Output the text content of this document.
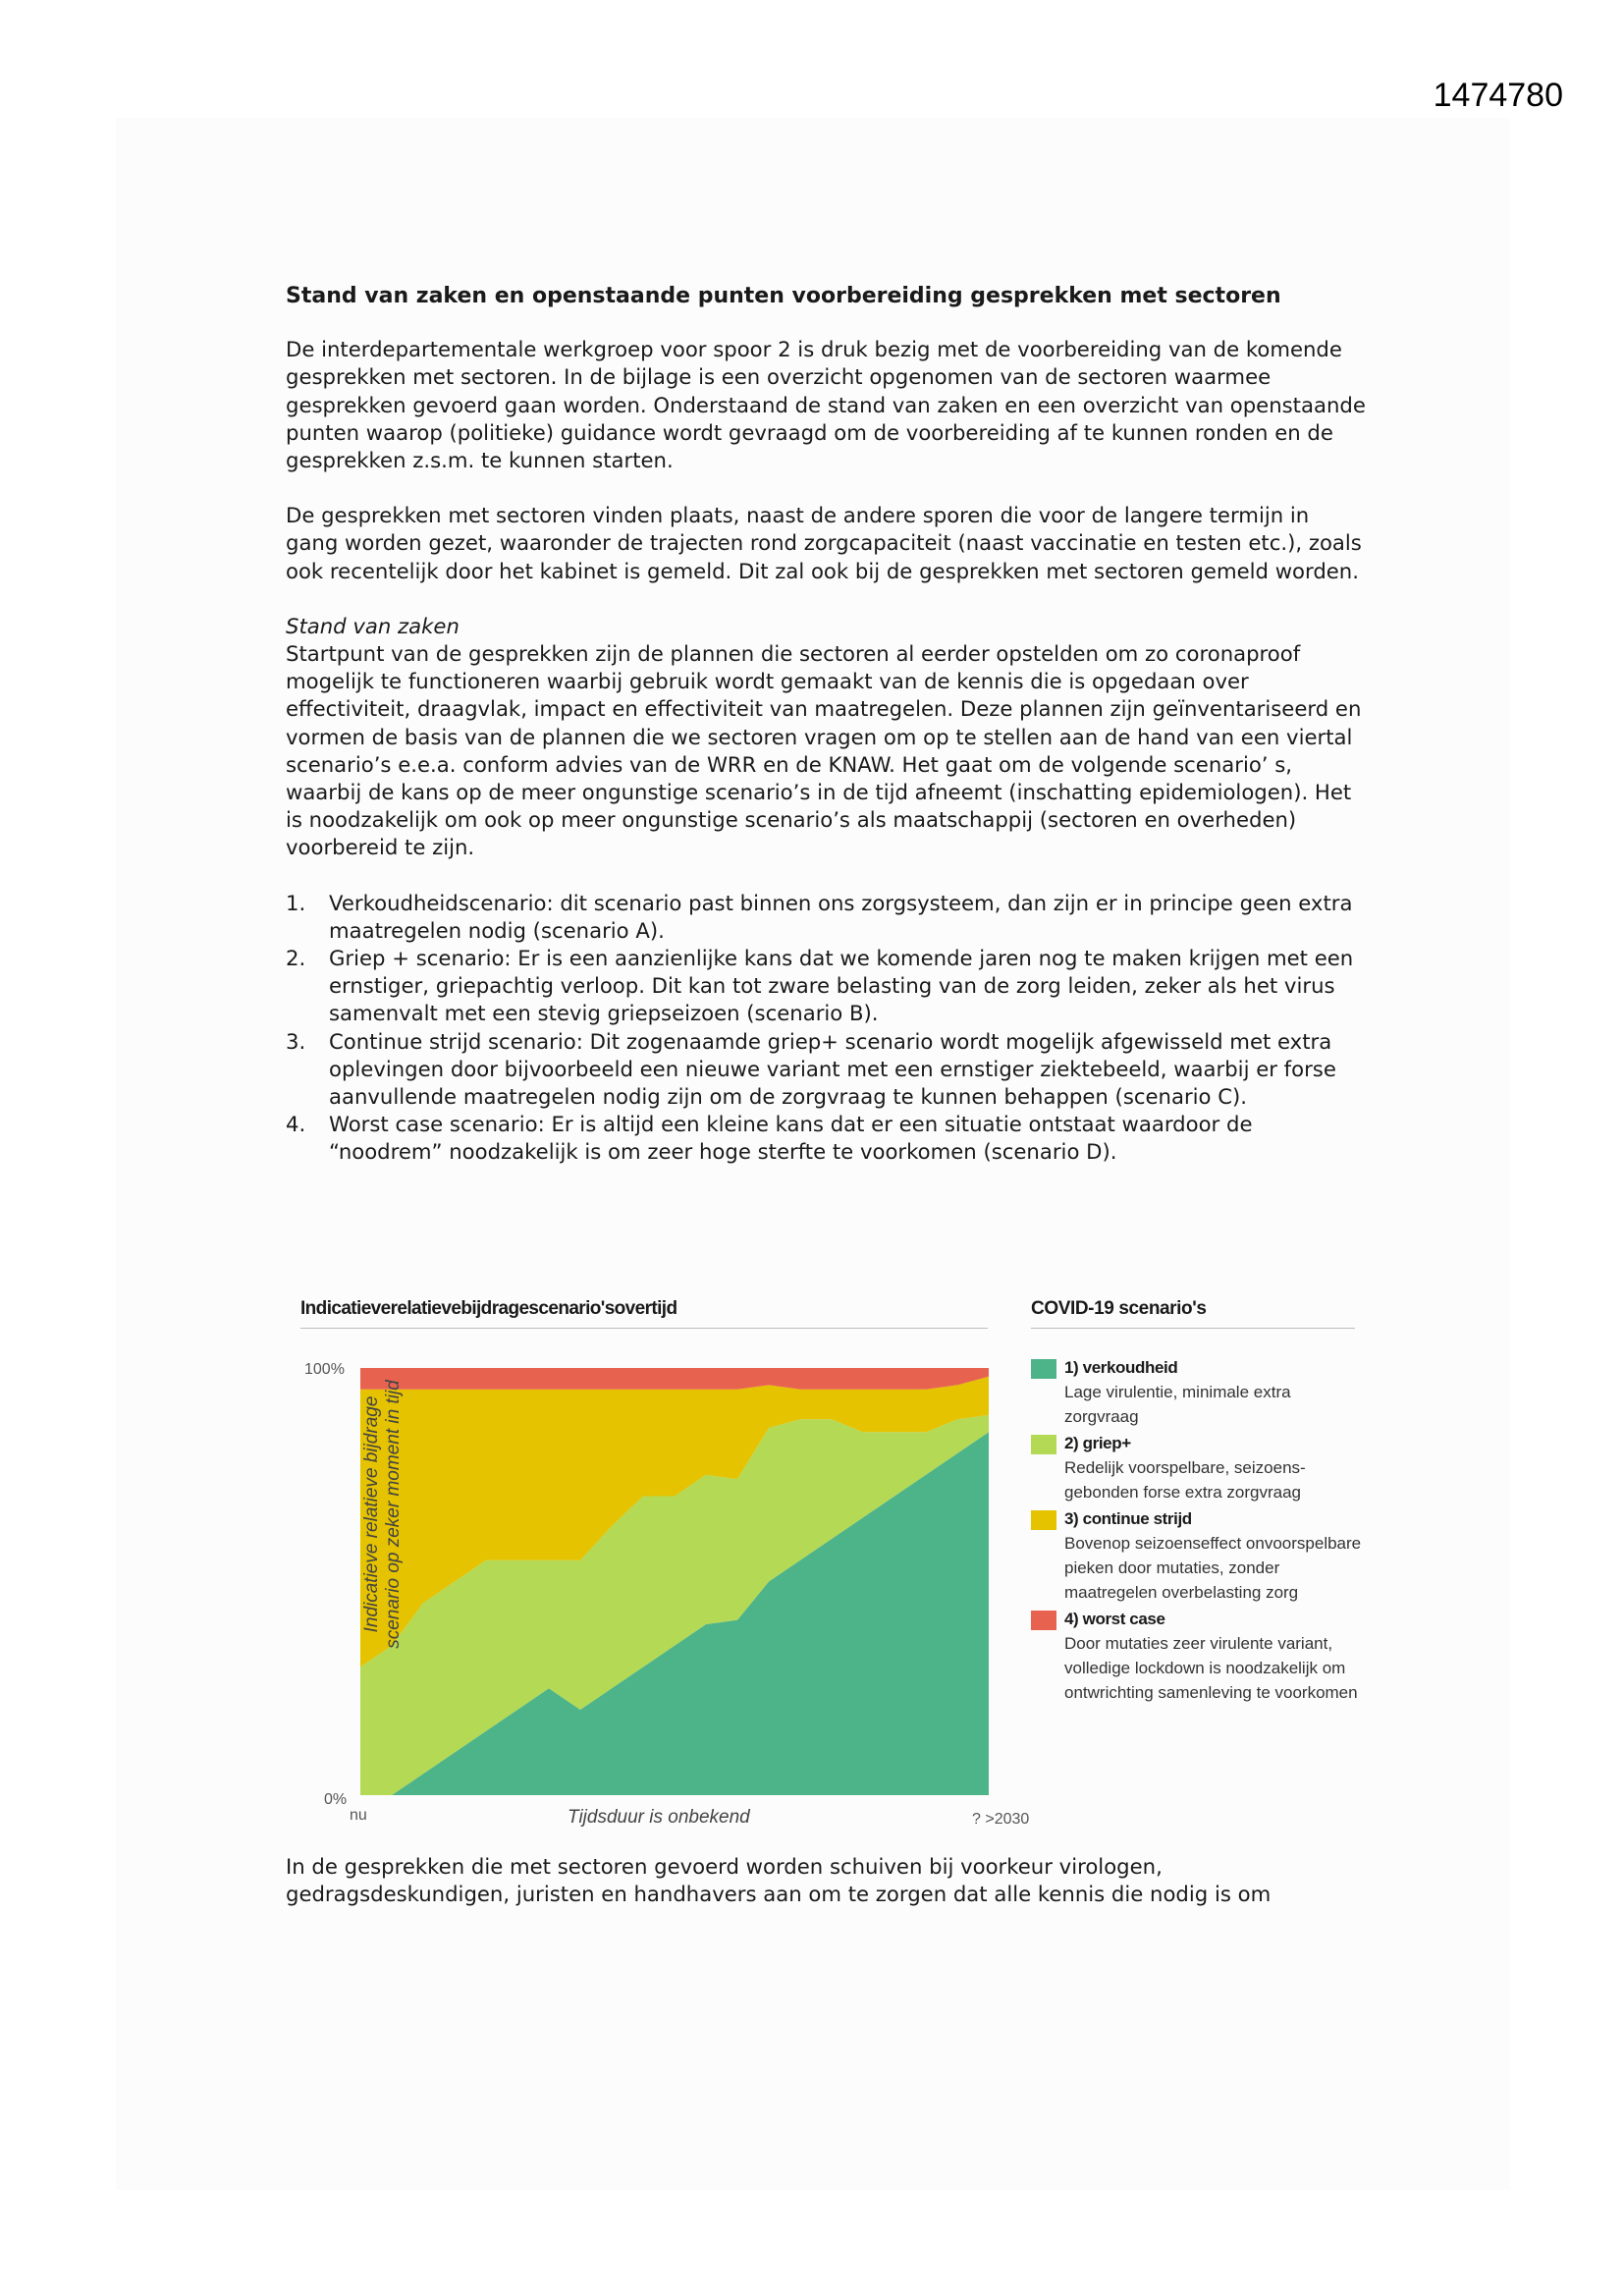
1474780
Stand van zaken en openstaande punten voorbereiding gesprekken met sectoren

De interdepartementale werkgroep voor spoor 2 is druk bezig met de voorbereiding van de komende gesprekken met sectoren. In de bijlage is een overzicht opgenomen van de sectoren waarmee gesprekken gevoerd gaan worden. Onderstaand de stand van zaken en een overzicht van openstaande punten waarop (politieke) guidance wordt gevraagd om de voorbereiding af te kunnen ronden en de gesprekken z.s.m. te kunnen starten.

De gesprekken met sectoren vinden plaats, naast de andere sporen die voor de langere termijn in gang worden gezet, waaronder de trajecten rond zorgcapaciteit (naast vaccinatie en testen etc.), zoals ook recentelijk door het kabinet is gemeld. Dit zal ook bij de gesprekken met sectoren gemeld worden.

Stand van zaken

Startpunt van de gesprekken zijn de plannen die sectoren al eerder opstelden om zo coronaproof mogelijk te functioneren waarbij gebruik wordt gemaakt van de kennis die is opgedaan over effectiviteit, draagvlak, impact en effectiviteit van maatregelen. Deze plannen zijn geïnventariseerd en vormen de basis van de plannen die we sectoren vragen om op te stellen aan de hand van een viertal scenario’s e.e.a. conform advies van de WRR en de KNAW. Het gaat om de volgende scenario’ s, waarbij de kans op de meer ongunstige scenario’s in de tijd afneemt (inschatting epidemiologen). Het is noodzakelijk om ook op meer ongunstige scenario’s als maatschappij (sectoren en overheden) voorbereid te zijn.

1. Verkoudheidscenario: dit scenario past binnen ons zorgsysteem, dan zijn er in principe geen extra maatregelen nodig (scenario A).
2. Griep + scenario: Er is een aanzienlijke kans dat we komende jaren nog te maken krijgen met een ernstiger, griepachtig verloop. Dit kan tot zware belasting van de zorg leiden, zeker als het virus samenvalt met een stevig griepseizoen (scenario B).
3. Continue strijd scenario: Dit zogenaamde griep+ scenario wordt mogelijk afgewisseld met extra oplevingen door bijvoorbeeld een nieuwe variant met een ernstiger ziektebeeld, waarbij er forse aanvullende maatregelen nodig zijn om de zorgvraag te kunnen behappen (scenario C).
4. Worst case scenario: Er is altijd een kleine kans dat er een situatie ontstaat waardoor de “noodrem” noodzakelijk is om zeer hoge sterfte te voorkomen (scenario D).
Indicatieverelatievebijdragescenario'sovertijd	COVID-19 scenario's
Indicatieve relatieve bijdrage scenario op zeker moment in tijd
100%
0%
nu	? >2030
Tijdsduur is onbekend
1) verkoudheid
Lage virulentie, minimale extra zorgvraag
2) griep+
Redelijk voorspelbare, seizoens-gebonden forse extra zorgvraag
3) continue strijd
Bovenop seizoenseffect onvoorspelbare pieken door mutaties, zonder maatregelen overbelasting zorg
4) worst case
Door mutaties zeer virulente variant, volledige lockdown is noodzakelijk om ontwrichting samenleving te voorkomen
In de gesprekken die met sectoren gevoerd worden schuiven bij voorkeur virologen, gedragsdeskundigen, juristen en handhavers aan om te zorgen dat alle kennis die nodig is om
